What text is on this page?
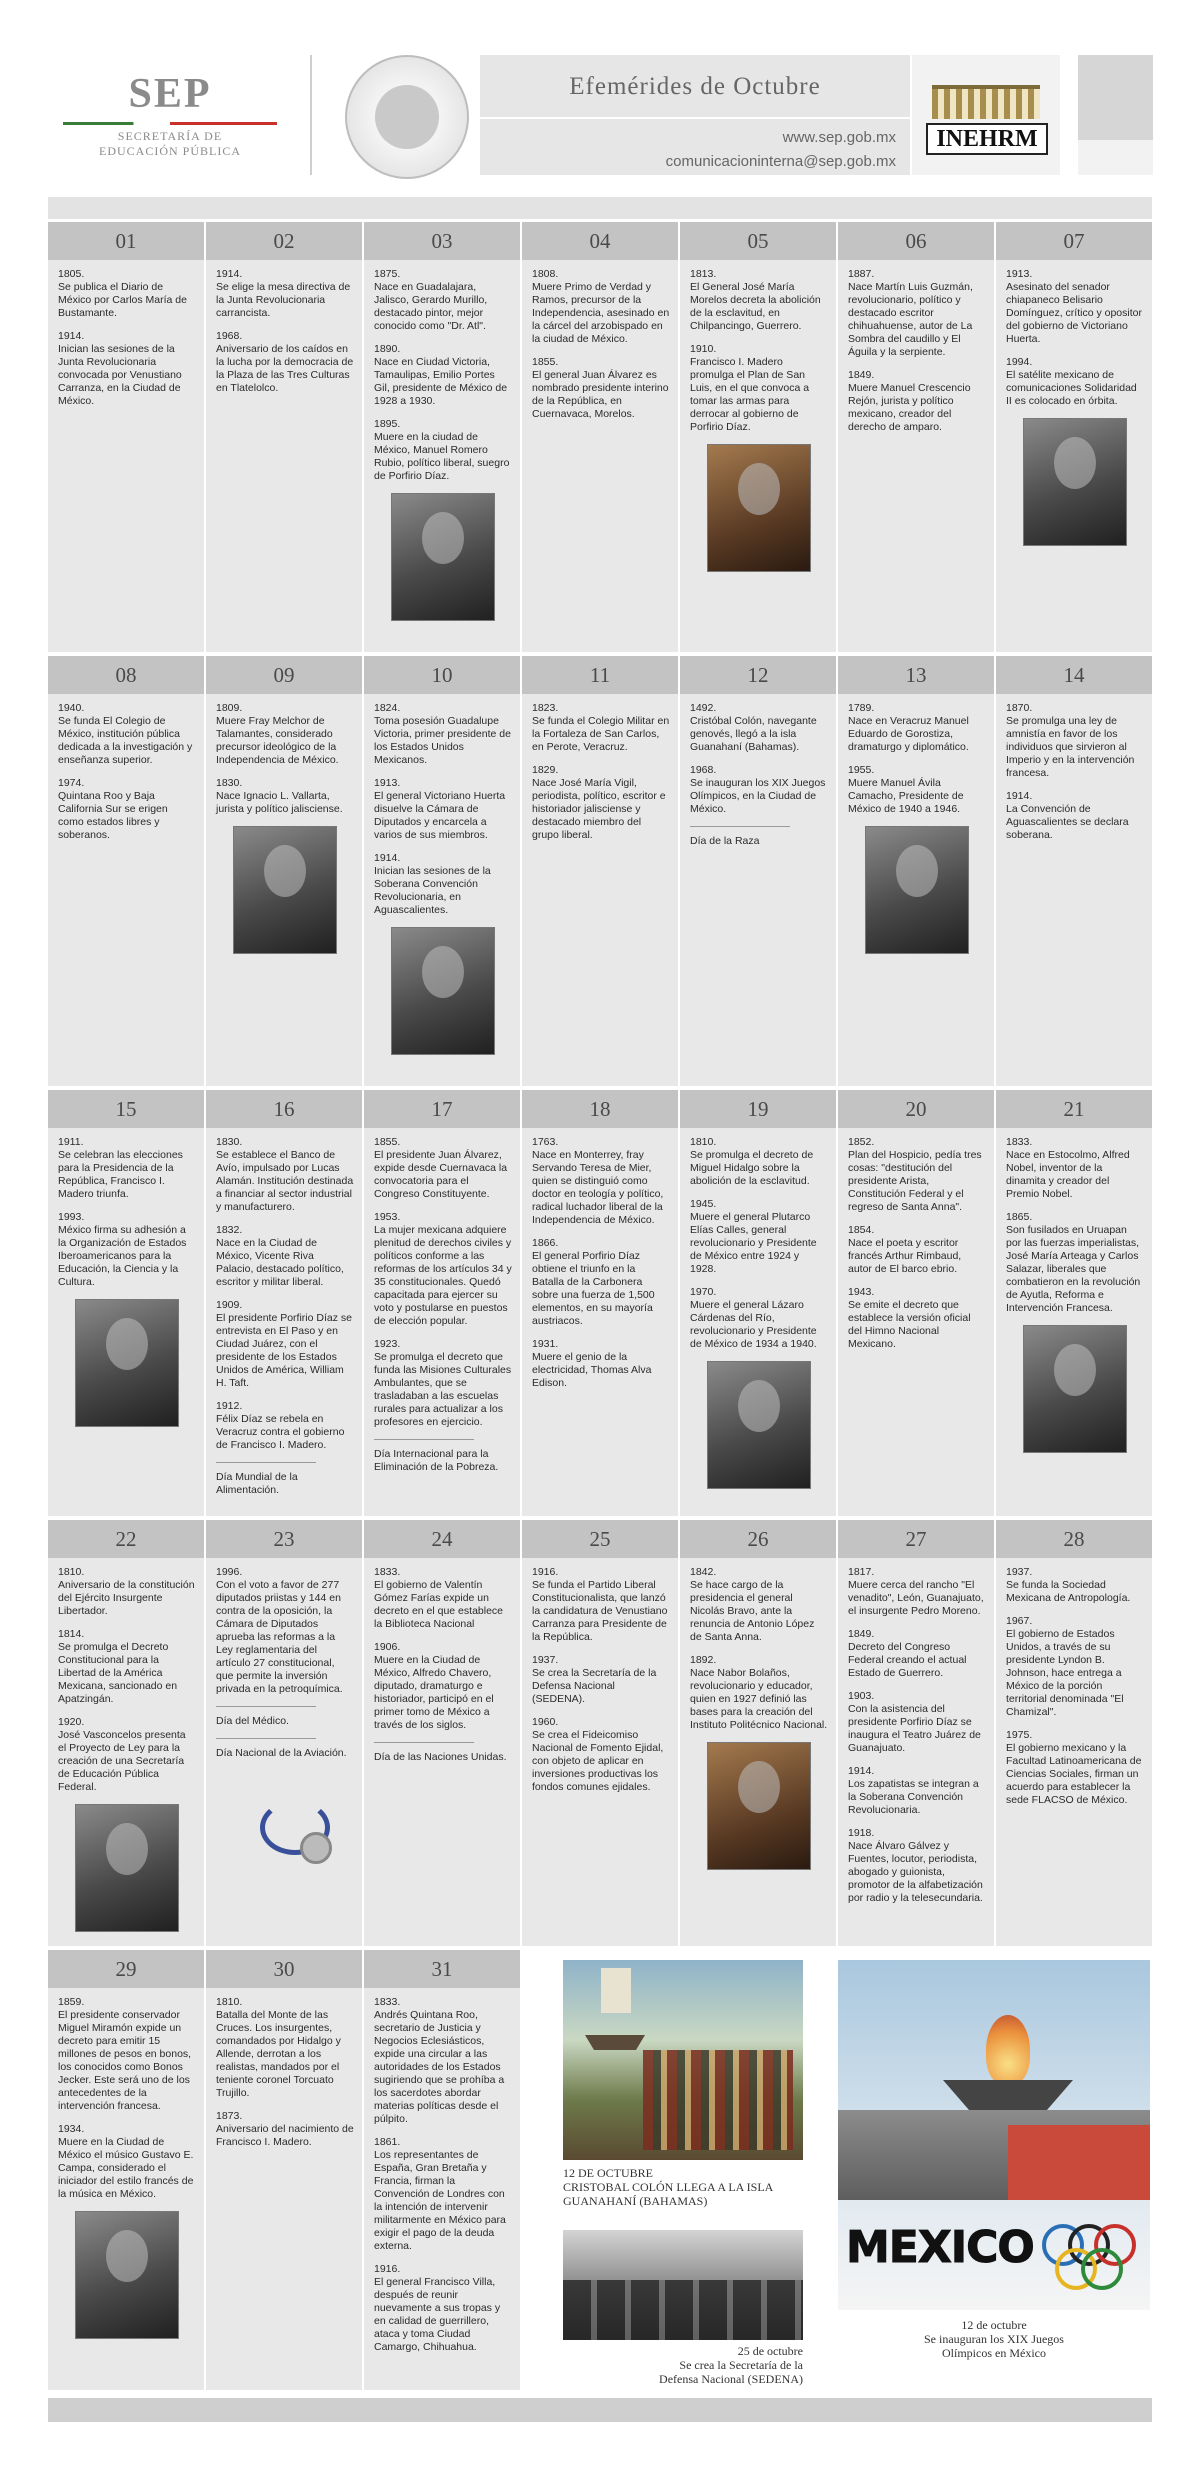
SEP
SECRETARÍA DE
EDUCACIÓN PÚBLICA
Efemérides de Octubre
www.sep.gob.mx
comunicacioninterna@sep.gob.mx
INEHRM
01

1805.
Se publica el Diario de México por Carlos María de Bustamante.

1914.
Inician las sesiones de la Junta Revolucionaria convocada por Venustiano Carranza, en la Ciudad de México.

02

1914.
Se elige la mesa directiva de la Junta Revolucionaria carrancista.

1968.
Aniversario de los caídos en la lucha por la democracia de la Plaza de las Tres Culturas en Tlatelolco.

03

1875.
Nace en Guadalajara, Jalisco, Gerardo Murillo, destacado pintor, mejor conocido como "Dr. Atl".

1890.
Nace en Ciudad Victoria, Tamaulipas, Emilio Portes Gil, presidente de México de 1928 a 1930.

1895.
Muere en la ciudad de México, Manuel Romero Rubio, político liberal, suegro de Porfirio Díaz.

04

1808.
Muere Primo de Verdad y Ramos, precursor de la Independencia, asesinado en la cárcel del arzobispado en la ciudad de México.

1855.
El general Juan Álvarez es nombrado presidente interino de la República, en Cuernavaca, Morelos.

05

1813.
El General José María Morelos decreta la abolición de la esclavitud, en Chilpancingo, Guerrero.

1910.
Francisco I. Madero promulga el Plan de San Luis, en el que convoca a tomar las armas para derrocar al gobierno de Porfirio Díaz.

06

1887.
Nace Martín Luis Guzmán, revolucionario, político y destacado escritor chihuahuense, autor de La Sombra del caudillo y El Águila y la serpiente.

1849.
Muere Manuel Crescencio Rejón, jurista y político mexicano, creador del derecho de amparo.

07

1913.
Asesinato del senador chiapaneco Belisario Domínguez, crítico y opositor del gobierno de Victoriano Huerta.

1994.
El satélite mexicano de comunicaciones Solidaridad II es colocado en órbita.

08

1940.
Se funda El Colegio de México, institución pública dedicada a la investigación y enseñanza superior.

1974.
Quintana Roo y Baja California Sur se erigen como estados libres y soberanos.

09

1809.
Muere Fray Melchor de Talamantes, considerado precursor ideológico de la Independencia de México.

1830.
Nace Ignacio L. Vallarta, jurista y político jalisciense.

10

1824.
Toma posesión Guadalupe Victoria, primer presidente de los Estados Unidos Mexicanos.

1913.
El general Victoriano Huerta disuelve la Cámara de Diputados y encarcela a varios de sus miembros.

1914.
Inician las sesiones de la Soberana Convención Revolucionaria, en Aguascalientes.

11

1823.
Se funda el Colegio Militar en la Fortaleza de San Carlos, en Perote, Veracruz.

1829.
Nace José María Vigil, periodista, político, escritor e historiador jalisciense y destacado miembro del grupo liberal.

12

1492.
Cristóbal Colón, navegante genovés, llegó a la isla Guanahaní (Bahamas).

1968.
Se inauguran los XIX Juegos Olímpicos, en la Ciudad de México.

Día de la Raza
13

1789.
Nace en Veracruz Manuel Eduardo de Gorostiza, dramaturgo y diplomático.

1955.
Muere Manuel Ávila Camacho, Presidente de México de 1940 a 1946.

14

1870.
Se promulga una ley de amnistía en favor de los individuos que sirvieron al Imperio y en la intervención francesa.

1914.
La Convención de Aguascalientes se declara soberana.

15

1911.
Se celebran las elecciones para la Presidencia de la República, Francisco I. Madero triunfa.

1993.
México firma su adhesión a la Organización de Estados Iberoamericanos para la Educación, la Ciencia y la Cultura.

16

1830.
Se establece el Banco de Avío, impulsado por Lucas Alamán. Institución destinada a financiar al sector industrial y manufacturero.

1832.
Nace en la Ciudad de México, Vicente Riva Palacio, destacado político, escritor y militar liberal.

1909.
El presidente Porfirio Díaz se entrevista en El Paso y en Ciudad Juárez, con el presidente de los Estados Unidos de América, William H. Taft.

1912.
Félix Díaz se rebela en Veracruz contra el gobierno de Francisco I. Madero.

Día Mundial de la Alimentación.
17

1855.
El presidente Juan Álvarez, expide desde Cuernavaca la convocatoria para el Congreso Constituyente.

1953.
La mujer mexicana adquiere plenitud de derechos civiles y políticos conforme a las reformas de los artículos 34 y 35 constitucionales. Quedó capacitada para ejercer su voto y postularse en puestos de elección popular.

1923.
Se promulga el decreto que funda las Misiones Culturales Ambulantes, que se trasladaban a las escuelas rurales para actualizar a los profesores en ejercicio.

Día Internacional para la Eliminación de la Pobreza.
18

1763.
Nace en Monterrey, fray Servando Teresa de Mier, quien se distinguió como doctor en teología y político, radical luchador liberal de la Independencia de México.

1866.
El general Porfirio Díaz obtiene el triunfo en la Batalla de la Carbonera sobre una fuerza de 1,500 elementos, en su mayoría austriacos.

1931.
Muere el genio de la electricidad, Thomas Alva Edison.

19

1810.
Se promulga el decreto de Miguel Hidalgo sobre la abolición de la esclavitud.

1945.
Muere el general Plutarco Elías Calles, general revolucionario y Presidente de México entre 1924 y 1928.

1970.
Muere el general Lázaro Cárdenas del Río, revolucionario y Presidente de México de 1934 a 1940.

20

1852.
Plan del Hospicio, pedía tres cosas: "destitución del presidente Arista, Constitución Federal y el regreso de Santa Anna".

1854.
Nace el poeta y escritor francés Arthur Rimbaud, autor de El barco ebrio.

1943.
Se emite el decreto que establece la versión oficial del Himno Nacional Mexicano.

21

1833.
Nace en Estocolmo, Alfred Nobel, inventor de la dinamita y creador del Premio Nobel.

1865.
Son fusilados en Uruapan por las fuerzas imperialistas, José María Arteaga y Carlos Salazar, liberales que combatieron en la revolución de Ayutla, Reforma e Intervención Francesa.

22

1810.
Aniversario de la constitución del Ejército Insurgente Libertador.

1814.
Se promulga el Decreto Constitucional para la Libertad de la América Mexicana, sancionado en Apatzingán.

1920.
José Vasconcelos presenta el Proyecto de Ley para la creación de una Secretaría de Educación Pública Federal.

23

1996.
Con el voto a favor de 277 diputados priistas y 144 en contra de la oposición, la Cámara de Diputados aprueba las reformas a la Ley reglamentaria del artículo 27 constitucional, que permite la inversión privada en la petroquímica.

Día del Médico.
Día Nacional de la Aviación.
24

1833.
El gobierno de Valentín Gómez Farías expide un decreto en el que establece la Biblioteca Nacional

1906.
Muere en la Ciudad de México, Alfredo Chavero, diputado, dramaturgo e historiador, participó en el primer tomo de México a través de los siglos.

Día de las Naciones Unidas.
25

1916.
Se funda el Partido Liberal Constitucionalista, que lanzó la candidatura de Venustiano Carranza para Presidente de la República.

1937.
Se crea la Secretaría de la Defensa Nacional (SEDENA).

1960.
Se crea el Fideicomiso Nacional de Fomento Ejidal, con objeto de aplicar en inversiones productivas los fondos comunes ejidales.

26

1842.
Se hace cargo de la presidencia el general Nicolás Bravo, ante la renuncia de Antonio López de Santa Anna.

1892.
Nace Nabor Bolaños, revolucionario y educador, quien en 1927 definió las bases para la creación del Instituto Politécnico Nacional.

27

1817.
Muere cerca del rancho "El venadito", León, Guanajuato, el insurgente Pedro Moreno.

1849.
Decreto del Congreso Federal creando el actual Estado de Guerrero.

1903.
Con la asistencia del presidente Porfirio Díaz se inaugura el Teatro Juárez de Guanajuato.

1914.
Los zapatistas se integran a la Soberana Convención Revolucionaria.

1918.
Nace Álvaro Gálvez y Fuentes, locutor, periodista, abogado y guionista, promotor de la alfabetización por radio y la telesecundaria.

28

1937.
Se funda la Sociedad Mexicana de Antropología.

1967.
El gobierno de Estados Unidos, a través de su presidente Lyndon B. Johnson, hace entrega a México de la porción territorial denominada "El Chamizal".

1975.
El gobierno mexicano y la Facultad Latinoamericana de Ciencias Sociales, firman un acuerdo para establecer la sede FLACSO de México.

29

1859.
El presidente conservador Miguel Miramón expide un decreto para emitir 15 millones de pesos en bonos, los conocidos como Bonos Jecker. Este será uno de los antecedentes de la intervención francesa.

1934.
Muere en la Ciudad de México el músico Gustavo E. Campa, considerado el iniciador del estilo francés de la música en México.

30

1810.
Batalla del Monte de las Cruces. Los insurgentes, comandados por Hidalgo y Allende, derrotan a los realistas, mandados por el teniente coronel Torcuato Trujillo.

1873.
Aniversario del nacimiento de Francisco I. Madero.

31

1833.
Andrés Quintana Roo, secretario de Justicia y Negocios Eclesiásticos, expide una circular a las autoridades de los Estados sugiriendo que se prohíba a los sacerdotes abordar materias políticas desde el púlpito.

1861.
Los representantes de España, Gran Bretaña y Francia, firman la Convención de Londres con la intención de intervenir militarmente en México para exigir el pago de la deuda externa.

1916.
El general Francisco Villa, después de reunir nuevamente a sus tropas y en calidad de guerrillero, ataca y toma Ciudad Camargo, Chihuahua.

12 DE OCTUBRE
CRISTOBAL COLÓN LLEGA A LA ISLA
GUANAHANÍ (BAHAMAS)
25 de octubre
Se crea la Secretaría de la
Defensa Nacional (SEDENA)
MEXICO
12 de octubre
Se inauguran los XIX Juegos
Olímpicos en México
